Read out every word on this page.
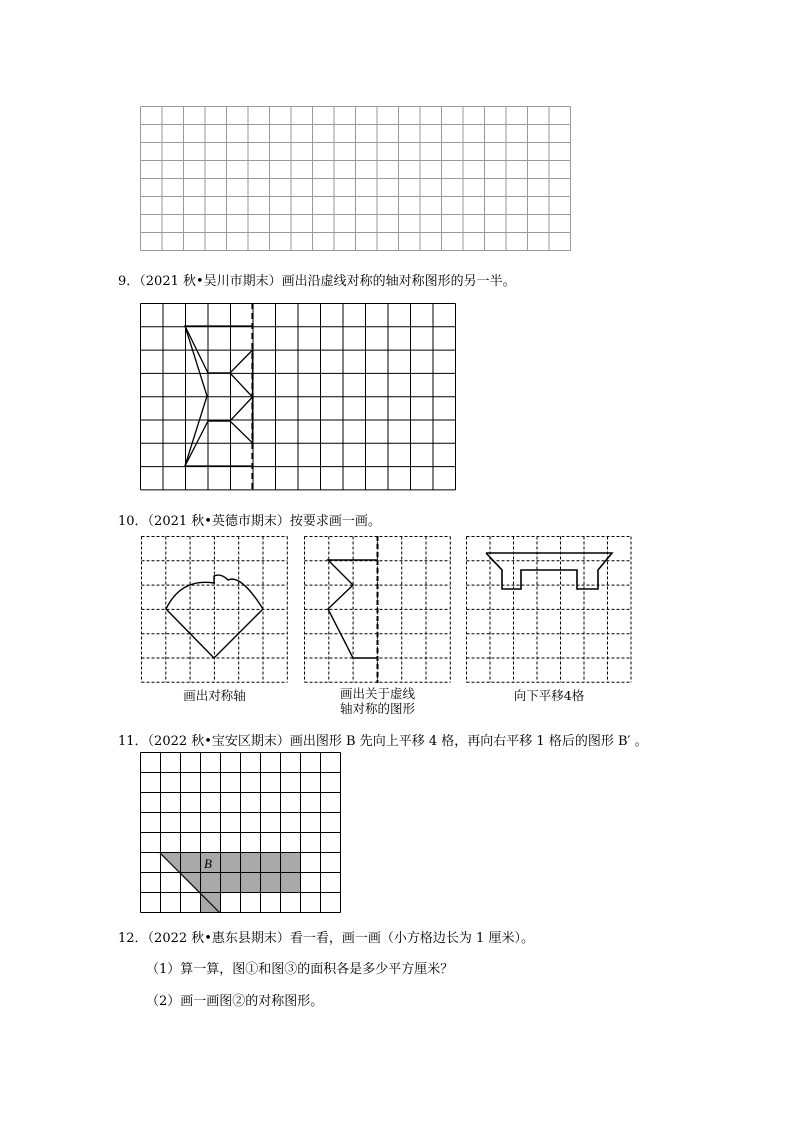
9．（2021 秋•吴川市期末）画出沿虚线对称的轴对称图形的另一半。
10．（2021 秋•英德市期末）按要求画一画。
画出对称轴	画出关于虚线
轴对称的图形
向下平移4格
11．（2022 秋•宝安区期末）画出图形 B 先向上平移 4 格，再向右平移 1 格后的图形 B′ 。
B
12．（2022 秋•惠东县期末）看一看，画一画（小方格边长为 1 厘米）。
（1）算一算，图①和图③的面积各是多少平方厘米？
（2）画一画图②的对称图形。
